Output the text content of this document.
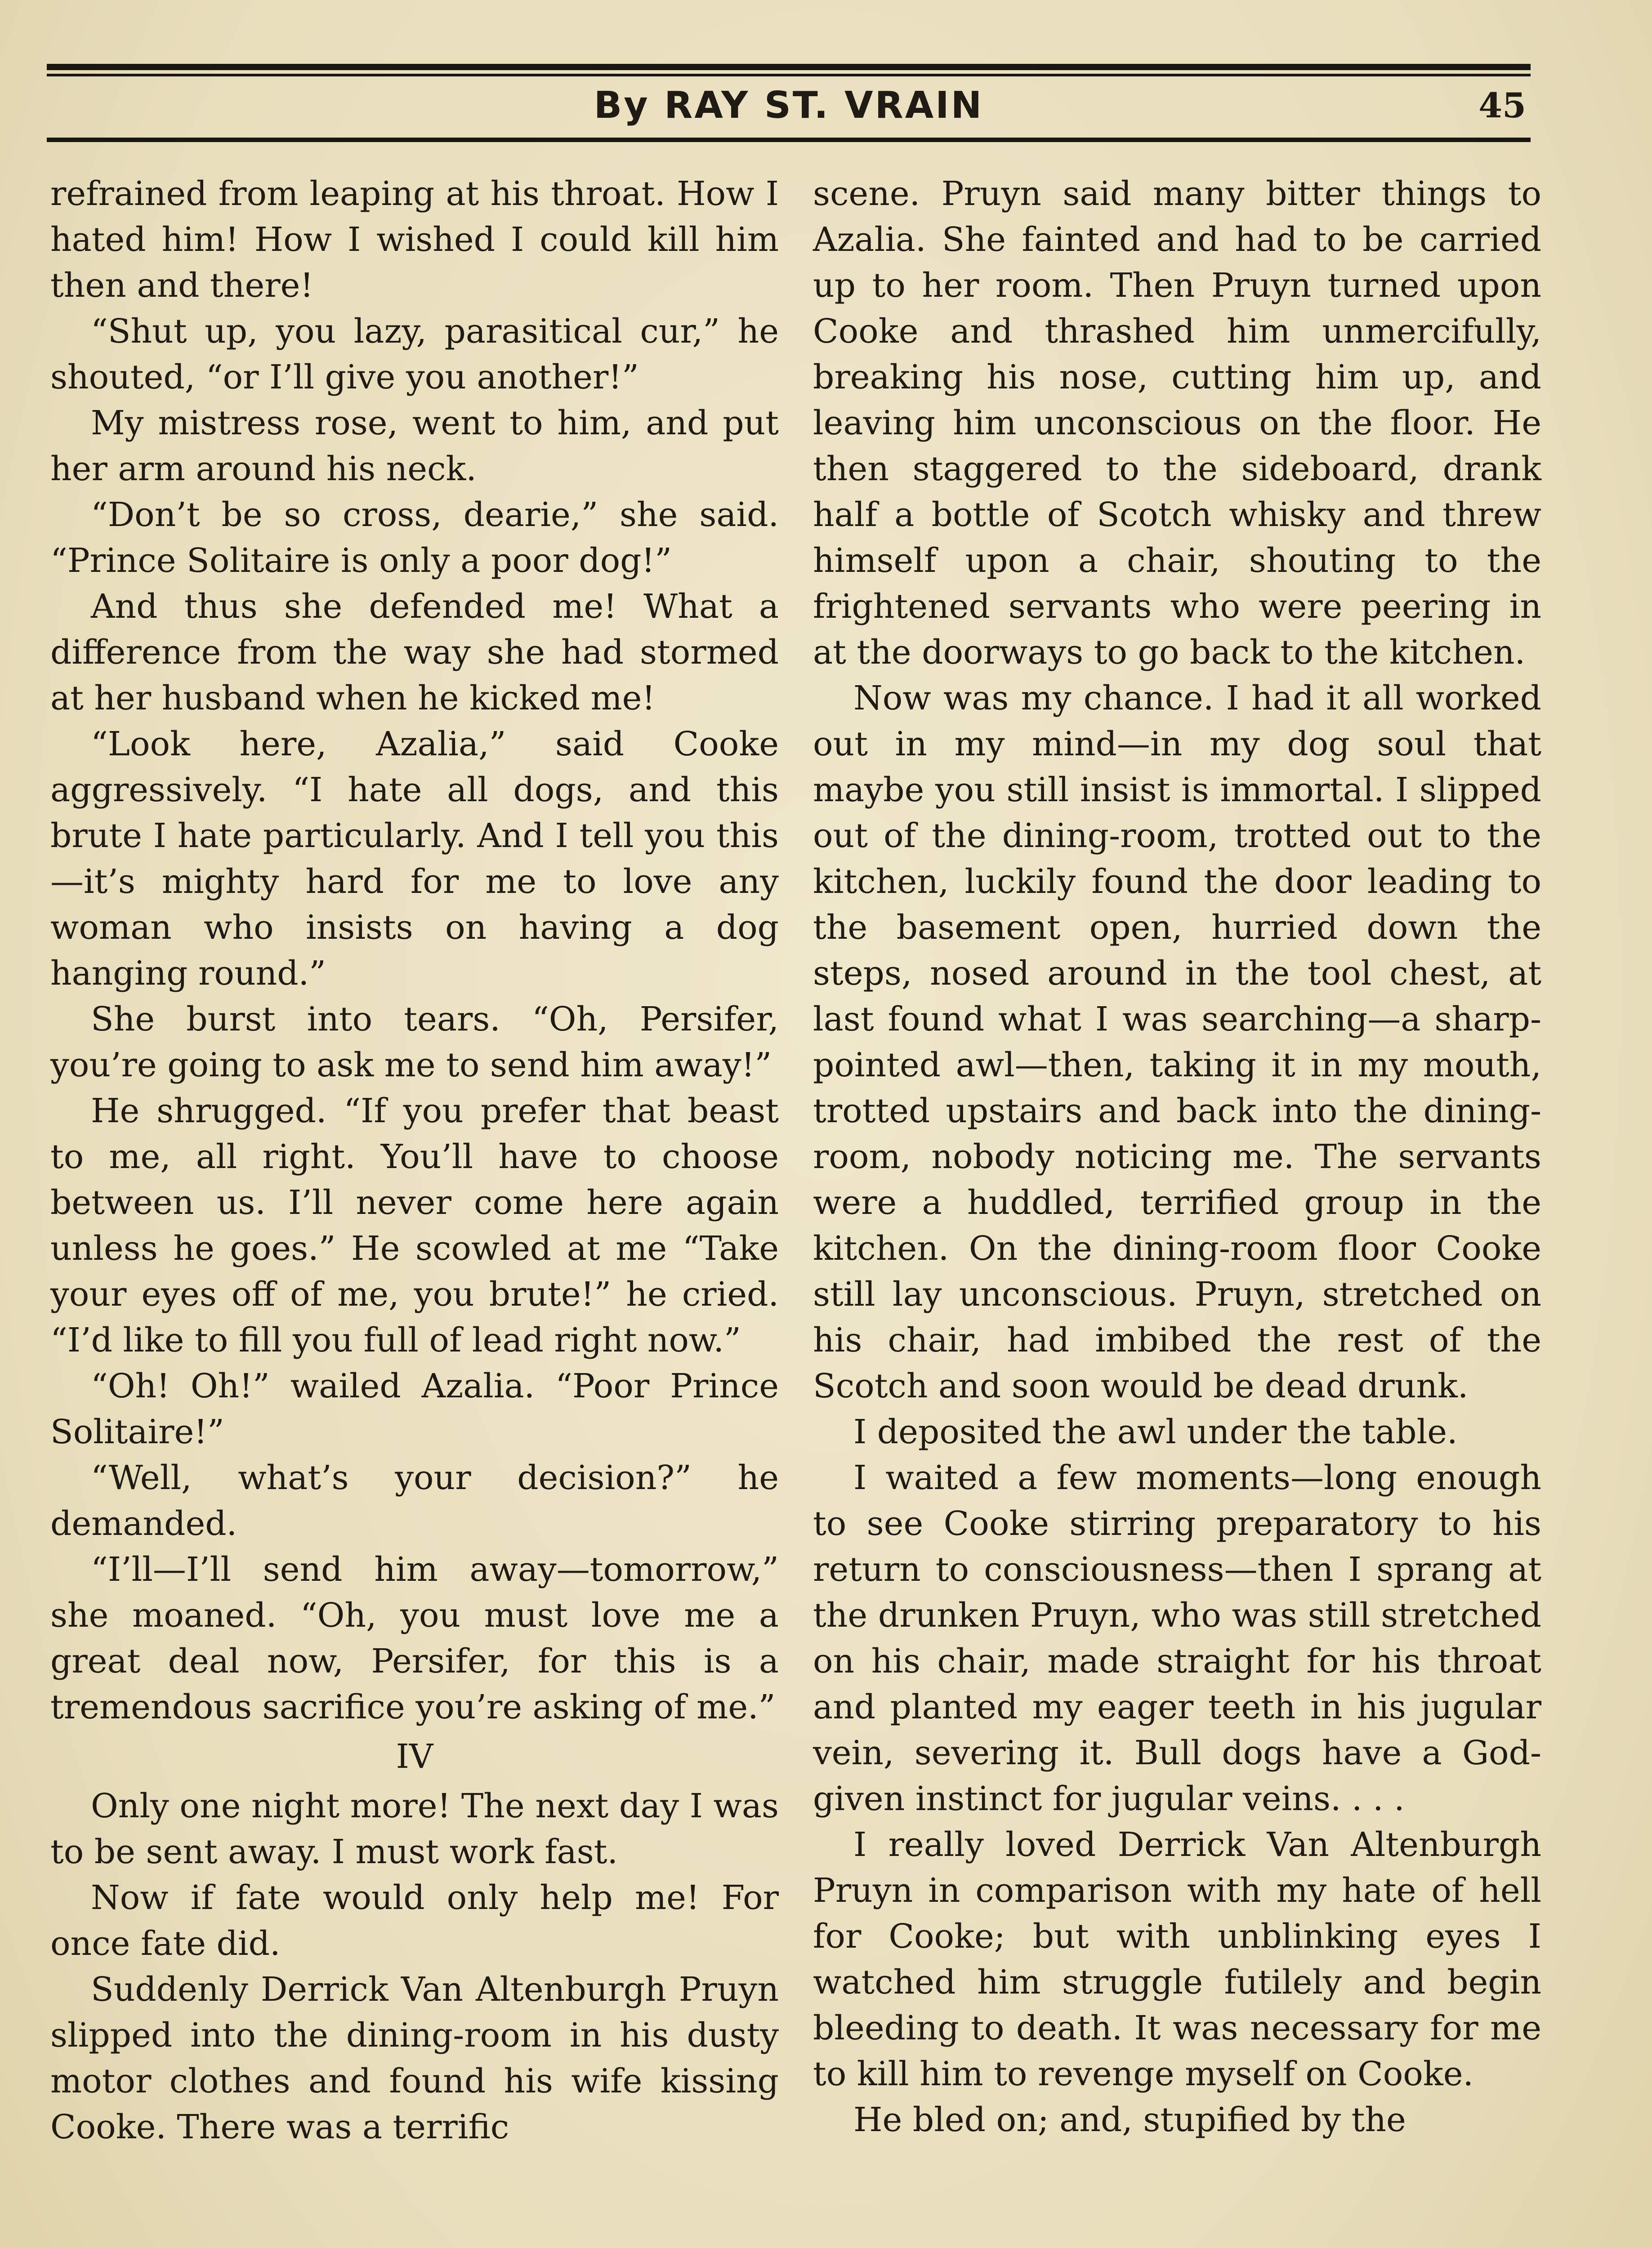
By RAY ST. VRAIN	45

refrained from leaping at his throat. How I hated him! How I wished I could kill him then and there!

“Shut up, you lazy, parasitical cur,” he shouted, “or I’ll give you another!”

My mistress rose, went to him, and put her arm around his neck.

“Don’t be so cross, dearie,” she said. “Prince Solitaire is only a poor dog!”

And thus she defended me! What a difference from the way she had stormed at her husband when he kicked me!

“Look here, Azalia,” said Cooke aggressively. “I hate all dogs, and this brute I hate particularly. And I tell you this—it’s mighty hard for me to love any woman who insists on having a dog hanging round.”

She burst into tears. “Oh, Persifer, you’re going to ask me to send him away!”

He shrugged. “If you prefer that beast to me, all right. You’ll have to choose between us. I’ll never come here again unless he goes.” He scowled at me “Take your eyes off of me, you brute!” he cried. “I’d like to fill you full of lead right now.”

“Oh! Oh!” wailed Azalia. “Poor Prince Solitaire!”

“Well, what’s your decision?” he demanded.

“I’ll—I’ll send him away—tomorrow,” she moaned. “Oh, you must love me a great deal now, Persifer, for this is a tremendous sacrifice you’re asking of me.”

IV

Only one night more! The next day I was to be sent away. I must work fast.

Now if fate would only help me! For once fate did.

Suddenly Derrick Van Altenburgh Pruyn slipped into the dining-room in his dusty motor clothes and found his wife kissing Cooke. There was a terrific

scene. Pruyn said many bitter things to Azalia. She fainted and had to be carried up to her room. Then Pruyn turned upon Cooke and thrashed him unmercifully, breaking his nose, cutting him up, and leaving him unconscious on the floor. He then staggered to the sideboard, drank half a bottle of Scotch whisky and threw himself upon a chair, shouting to the frightened servants who were peering in at the doorways to go back to the kitchen.

Now was my chance. I had it all worked out in my mind—in my dog soul that maybe you still insist is immortal. I slipped out of the dining-room, trotted out to the kitchen, luckily found the door leading to the basement open, hurried down the steps, nosed around in the tool chest, at last found what I was searching—a sharp-pointed awl—then, taking it in my mouth, trotted upstairs and back into the dining-room, nobody noticing me. The servants were a huddled, terrified group in the kitchen. On the dining-room floor Cooke still lay unconscious. Pruyn, stretched on his chair, had imbibed the rest of the Scotch and soon would be dead drunk.

I deposited the awl under the table.

I waited a few moments—long enough to see Cooke stirring preparatory to his return to consciousness—then I sprang at the drunken Pruyn, who was still stretched on his chair, made straight for his throat and planted my eager teeth in his jugular vein, severing it. Bull dogs have a God-given instinct for jugular veins. . . .

I really loved Derrick Van Altenburgh Pruyn in comparison with my hate of hell for Cooke; but with unblinking eyes I watched him struggle futilely and begin bleeding to death. It was necessary for me to kill him to revenge myself on Cooke.

He bled on; and, stupified by the
